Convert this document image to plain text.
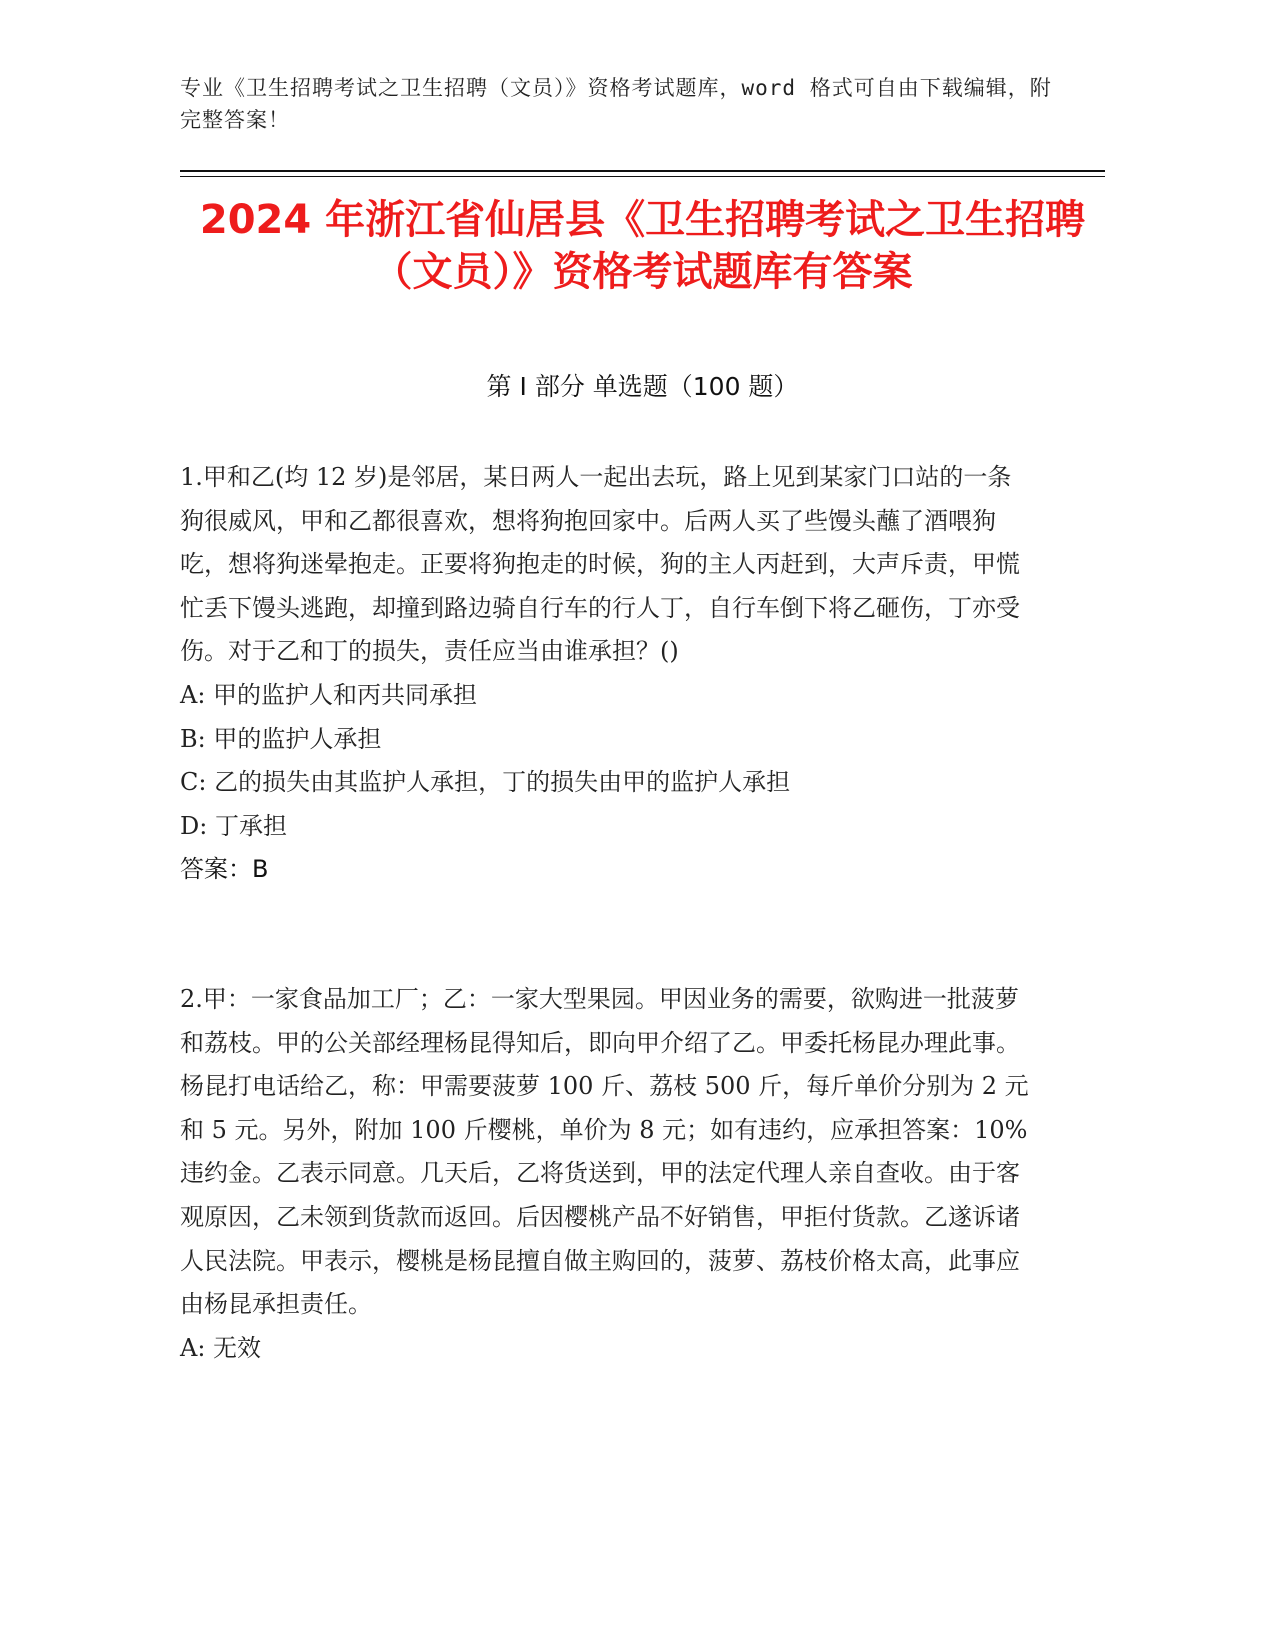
专业《卫生招聘考试之卫生招聘（文员）》资格考试题库，word 格式可自由下载编辑，附完整答案！
2024 年浙江省仙居县《卫生招聘考试之卫生招聘（文员）》资格考试题库有答案
第 I 部分 单选题（100 题）

1.甲和乙(均 12 岁)是邻居，某日两人一起出去玩，路上见到某家门口站的一条狗很威风，甲和乙都很喜欢，想将狗抱回家中。后两人买了些馒头蘸了酒喂狗吃，想将狗迷晕抱走。正要将狗抱走的时候，狗的主人丙赶到，大声斥责，甲慌忙丢下馒头逃跑，却撞到路边骑自行车的行人丁，自行车倒下将乙砸伤，丁亦受伤。对于乙和丁的损失，责任应当由谁承担？()

A: 甲的监护人和丙共同承担

B: 甲的监护人承担

C: 乙的损失由其监护人承担，丁的损失由甲的监护人承担

D: 丁承担

答案：B

2.甲：一家食品加工厂；乙：一家大型果园。甲因业务的需要，欲购进一批菠萝和荔枝。甲的公关部经理杨昆得知后，即向甲介绍了乙。甲委托杨昆办理此事。杨昆打电话给乙，称：甲需要菠萝 100 斤、荔枝 500 斤，每斤单价分别为 2 元和 5 元。另外，附加 100 斤樱桃，单价为 8 元；如有违约，应承担答案：10%违约金。乙表示同意。几天后，乙将货送到，甲的法定代理人亲自查收。由于客观原因，乙未领到货款而返回。后因樱桃产品不好销售，甲拒付货款。乙遂诉诸人民法院。甲表示，樱桃是杨昆擅自做主购回的，菠萝、荔枝价格太高，此事应由杨昆承担责任。

A: 无效
